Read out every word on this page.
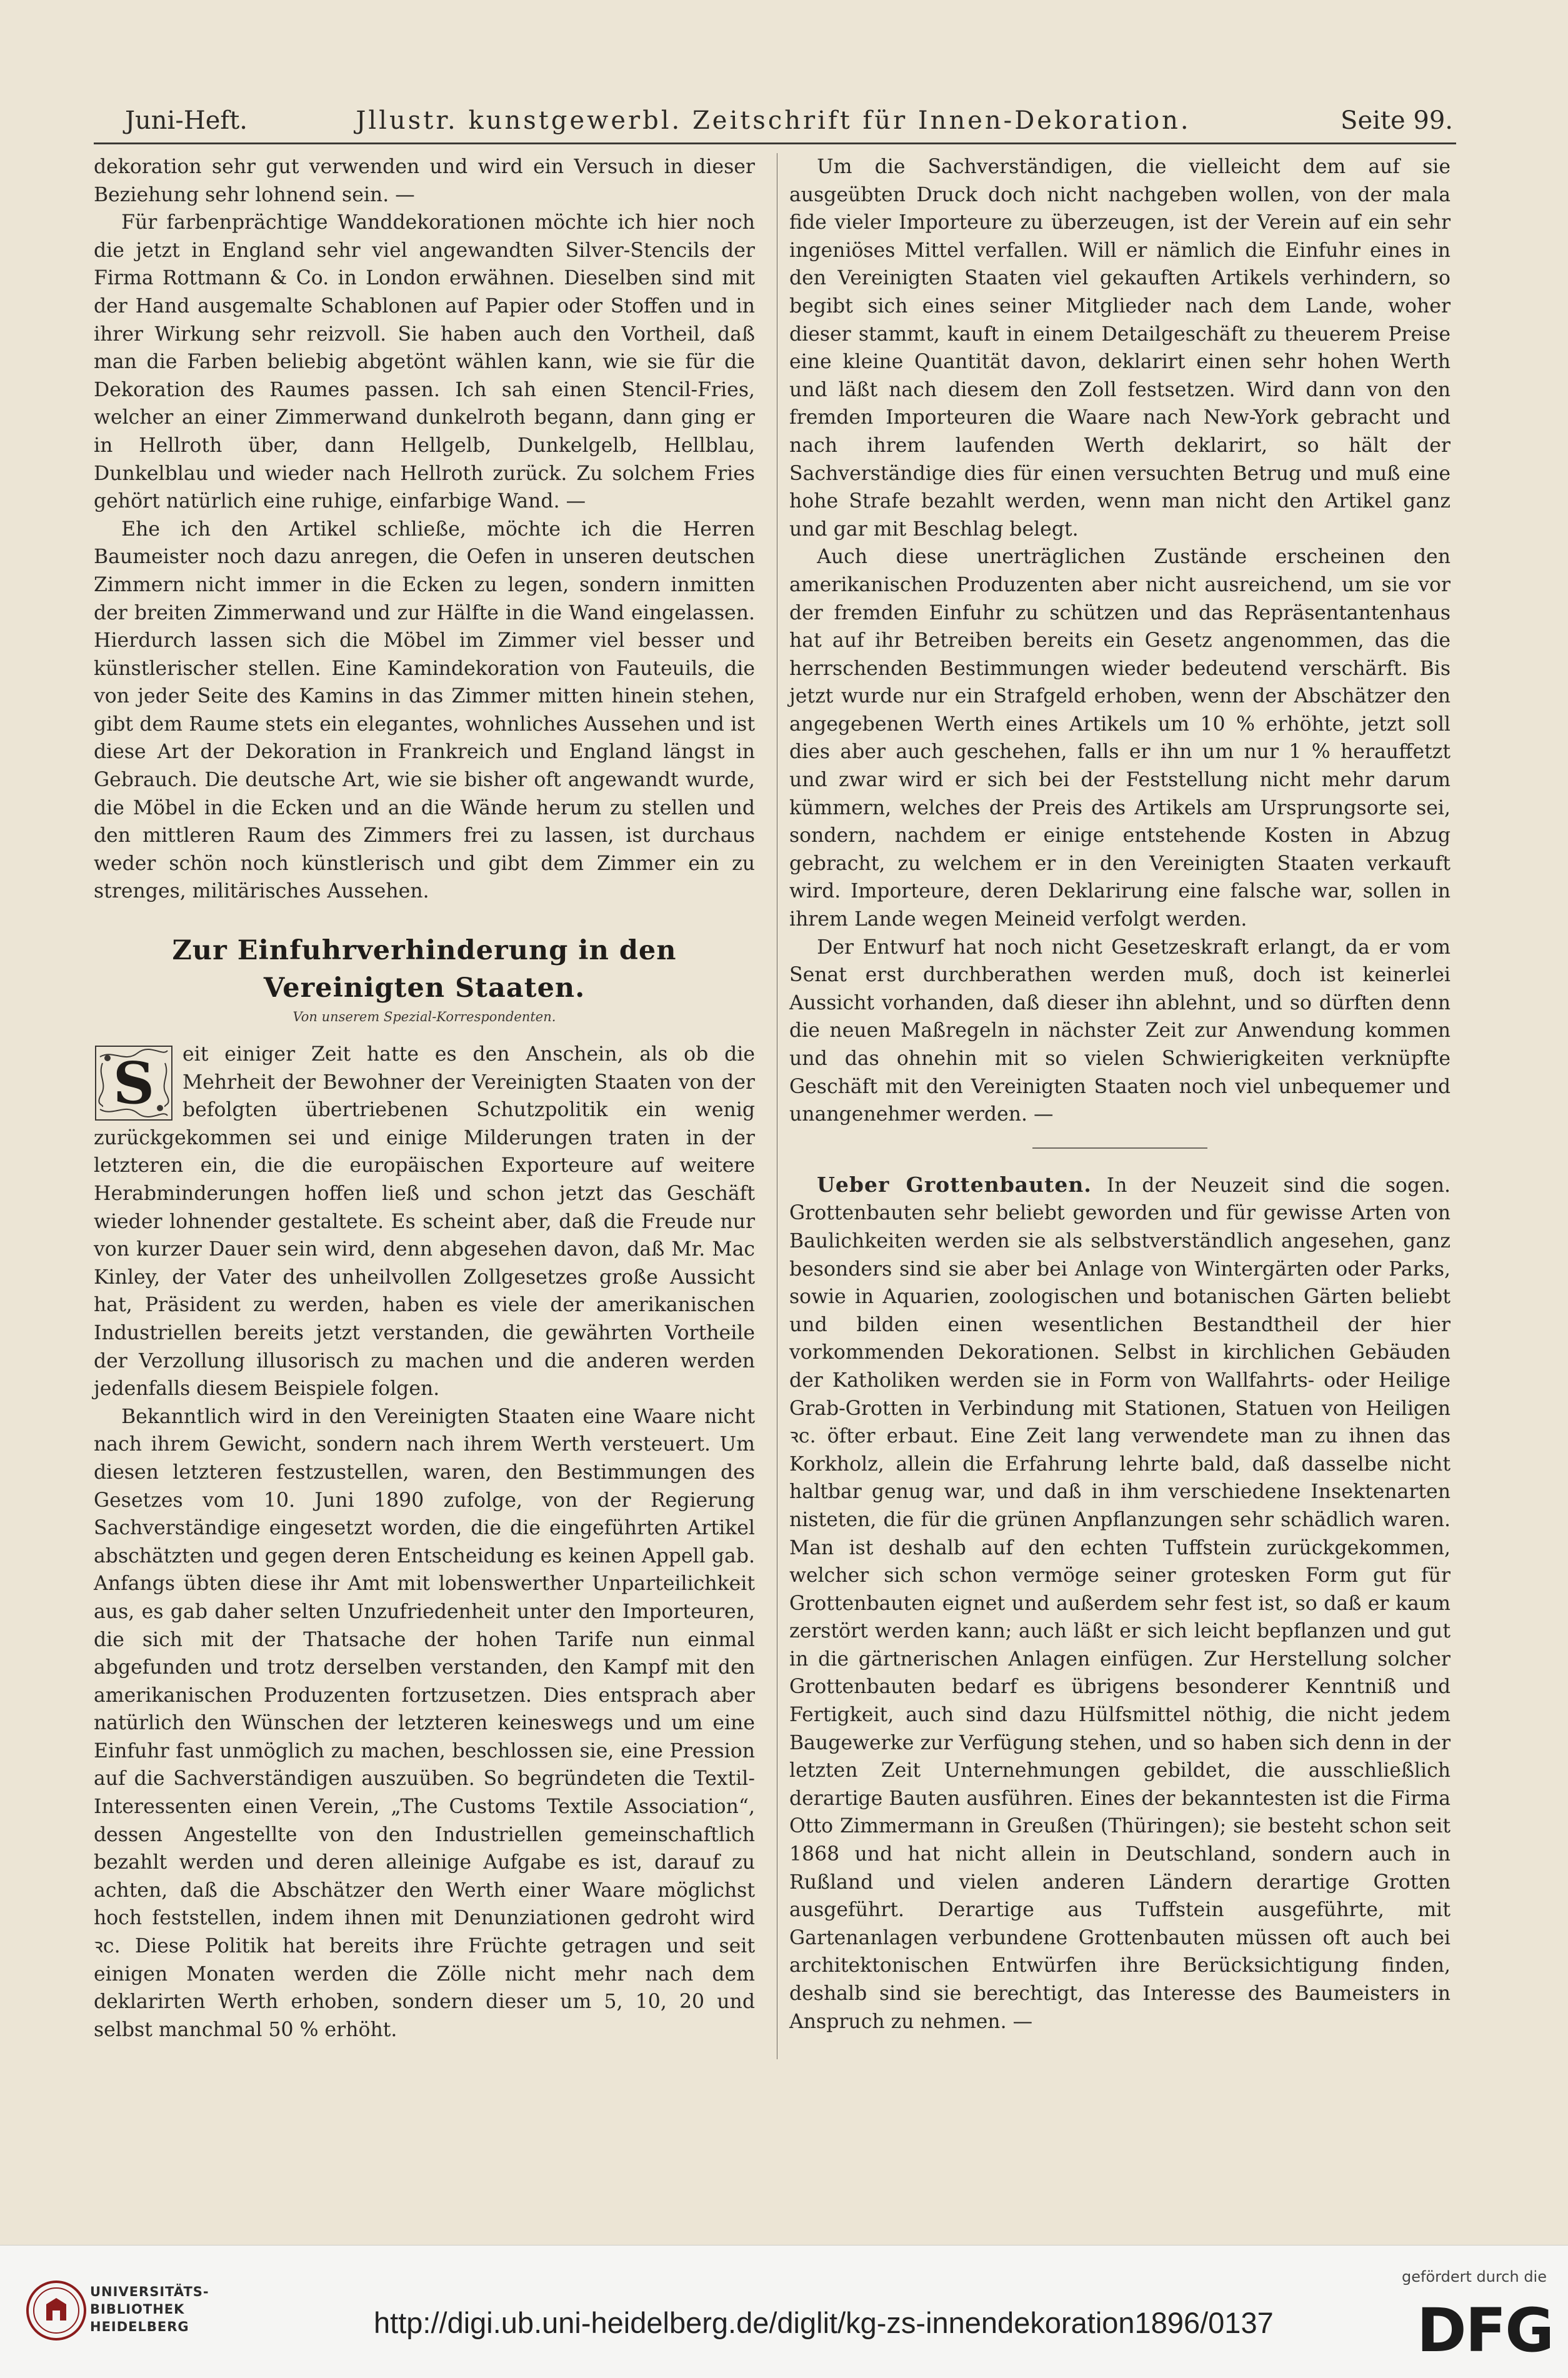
Juni-Heft.	Jllustr. kunstgewerbl. Zeitschrift für Innen-Dekoration.	Seite 99.

dekoration sehr gut verwenden und wird ein Versuch in dieser Beziehung sehr lohnend sein. —

Für farbenprächtige Wanddekorationen möchte ich hier noch die jetzt in England sehr viel angewandten Silver-Stencils der Firma Rottmann & Co. in London erwähnen. Dieselben sind mit der Hand ausgemalte Schablonen auf Papier oder Stoffen und in ihrer Wirkung sehr reizvoll. Sie haben auch den Vortheil, daß man die Farben beliebig abgetönt wählen kann, wie sie für die Dekoration des Raumes passen. Ich sah einen Stencil-Fries, welcher an einer Zimmerwand dunkelroth begann, dann ging er in Hellroth über, dann Hellgelb, Dunkelgelb, Hellblau, Dunkelblau und wieder nach Hellroth zurück. Zu solchem Fries gehört natürlich eine ruhige, einfarbige Wand. —

Ehe ich den Artikel schließe, möchte ich die Herren Baumeister noch dazu anregen, die Oefen in unseren deutschen Zimmern nicht immer in die Ecken zu legen, sondern inmitten der breiten Zimmerwand und zur Hälfte in die Wand eingelassen. Hierdurch lassen sich die Möbel im Zimmer viel besser und künstlerischer stellen. Eine Kamindekoration von Fauteuils, die von jeder Seite des Kamins in das Zimmer mitten hinein stehen, gibt dem Raume stets ein elegantes, wohnliches Aussehen und ist diese Art der Dekoration in Frankreich und England längst in Gebrauch. Die deutsche Art, wie sie bisher oft angewandt wurde, die Möbel in die Ecken und an die Wände herum zu stellen und den mittleren Raum des Zimmers frei zu lassen, ist durchaus weder schön noch künstlerisch und gibt dem Zimmer ein zu strenges, militärisches Aussehen.

Zur Einfuhrverhinderung in den Vereinigten Staaten.
Von unserem Spezial-Korrespondenten.

S eit einiger Zeit hatte es den Anschein, als ob die Mehrheit der Bewohner der Vereinigten Staaten von der befolgten übertriebenen Schutzpolitik ein wenig zurückgekommen sei und einige Milderungen traten in der letzteren ein, die die europäischen Exporteure auf weitere Herabminderungen hoffen ließ und schon jetzt das Geschäft wieder lohnender gestaltete. Es scheint aber, daß die Freude nur von kurzer Dauer sein wird, denn abgesehen davon, daß Mr. Mac Kinley, der Vater des unheilvollen Zollgesetzes große Aussicht hat, Präsident zu werden, haben es viele der amerikanischen Industriellen bereits jetzt verstanden, die gewährten Vortheile der Verzollung illusorisch zu machen und die anderen werden jedenfalls diesem Beispiele folgen.

Bekanntlich wird in den Vereinigten Staaten eine Waare nicht nach ihrem Gewicht, sondern nach ihrem Werth versteuert. Um diesen letzteren festzustellen, waren, den Bestimmungen des Gesetzes vom 10. Juni 1890 zufolge, von der Regierung Sachverständige eingesetzt worden, die die eingeführten Artikel abschätzten und gegen deren Entscheidung es keinen Appell gab. Anfangs übten diese ihr Amt mit lobenswerther Unparteilichkeit aus, es gab daher selten Unzufriedenheit unter den Importeuren, die sich mit der Thatsache der hohen Tarife nun einmal abgefunden und trotz derselben verstanden, den Kampf mit den amerikanischen Produzenten fortzusetzen. Dies entsprach aber natürlich den Wünschen der letzteren keineswegs und um eine Einfuhr fast unmöglich zu machen, beschlossen sie, eine Pression auf die Sachverständigen auszuüben. So begründeten die Textil-Interessenten einen Verein, „The Customs Textile Association“, dessen Angestellte von den Industriellen gemeinschaftlich bezahlt werden und deren alleinige Aufgabe es ist, darauf zu achten, daß die Abschätzer den Werth einer Waare möglichst hoch feststellen, indem ihnen mit Denunziationen gedroht wird ꝛc. Diese Politik hat bereits ihre Früchte getragen und seit einigen Monaten werden die Zölle nicht mehr nach dem deklarirten Werth erhoben, sondern dieser um 5, 10, 20 und selbst manchmal 50 % erhöht.

Um die Sachverständigen, die vielleicht dem auf sie ausgeübten Druck doch nicht nachgeben wollen, von der mala fide vieler Importeure zu überzeugen, ist der Verein auf ein sehr ingeniöses Mittel verfallen. Will er nämlich die Einfuhr eines in den Vereinigten Staaten viel gekauften Artikels verhindern, so begibt sich eines seiner Mitglieder nach dem Lande, woher dieser stammt, kauft in einem Detailgeschäft zu theuerem Preise eine kleine Quantität davon, deklarirt einen sehr hohen Werth und läßt nach diesem den Zoll festsetzen. Wird dann von den fremden Importeuren die Waare nach New-York gebracht und nach ihrem laufenden Werth deklarirt, so hält der Sachverständige dies für einen versuchten Betrug und muß eine hohe Strafe bezahlt werden, wenn man nicht den Artikel ganz und gar mit Beschlag belegt.

Auch diese unerträglichen Zustände erscheinen den amerikanischen Produzenten aber nicht ausreichend, um sie vor der fremden Einfuhr zu schützen und das Repräsentantenhaus hat auf ihr Betreiben bereits ein Gesetz angenommen, das die herrschenden Bestimmungen wieder bedeutend verschärft. Bis jetzt wurde nur ein Strafgeld erhoben, wenn der Abschätzer den angegebenen Werth eines Artikels um 10 % erhöhte, jetzt soll dies aber auch geschehen, falls er ihn um nur 1 % herauffetzt und zwar wird er sich bei der Feststellung nicht mehr darum kümmern, welches der Preis des Artikels am Ursprungsorte sei, sondern, nachdem er einige entstehende Kosten in Abzug gebracht, zu welchem er in den Vereinigten Staaten verkauft wird. Importeure, deren Deklarirung eine falsche war, sollen in ihrem Lande wegen Meineid verfolgt werden.

Der Entwurf hat noch nicht Gesetzeskraft erlangt, da er vom Senat erst durchberathen werden muß, doch ist keinerlei Aussicht vorhanden, daß dieser ihn ablehnt, und so dürften denn die neuen Maßregeln in nächster Zeit zur Anwendung kommen und das ohnehin mit so vielen Schwierigkeiten verknüpfte Geschäft mit den Vereinigten Staaten noch viel unbequemer und unangenehmer werden. —

Ueber Grottenbauten. In der Neuzeit sind die sogen. Grottenbauten sehr beliebt geworden und für gewisse Arten von Baulichkeiten werden sie als selbstverständlich angesehen, ganz besonders sind sie aber bei Anlage von Wintergärten oder Parks, sowie in Aquarien, zoologischen und botanischen Gärten beliebt und bilden einen wesentlichen Bestandtheil der hier vorkommenden Dekorationen. Selbst in kirchlichen Gebäuden der Katholiken werden sie in Form von Wallfahrts- oder Heilige Grab-Grotten in Verbindung mit Stationen, Statuen von Heiligen ꝛc. öfter erbaut. Eine Zeit lang verwendete man zu ihnen das Korkholz, allein die Erfahrung lehrte bald, daß dasselbe nicht haltbar genug war, und daß in ihm verschiedene Insektenarten nisteten, die für die grünen Anpflanzungen sehr schädlich waren. Man ist deshalb auf den echten Tuffstein zurückgekommen, welcher sich schon vermöge seiner grotesken Form gut für Grottenbauten eignet und außerdem sehr fest ist, so daß er kaum zerstört werden kann; auch läßt er sich leicht bepflanzen und gut in die gärtnerischen Anlagen einfügen. Zur Herstellung solcher Grottenbauten bedarf es übrigens besonderer Kenntniß und Fertigkeit, auch sind dazu Hülfsmittel nöthig, die nicht jedem Baugewerke zur Verfügung stehen, und so haben sich denn in der letzten Zeit Unternehmungen gebildet, die ausschließlich derartige Bauten ausführen. Eines der bekanntesten ist die Firma Otto Zimmermann in Greußen (Thüringen); sie besteht schon seit 1868 und hat nicht allein in Deutschland, sondern auch in Rußland und vielen anderen Ländern derartige Grotten ausgeführt. Derartige aus Tuffstein ausgeführte, mit Gartenanlagen verbundene Grottenbauten müssen oft auch bei architektonischen Entwürfen ihre Berücksichtigung finden, deshalb sind sie berechtigt, das Interesse des Baumeisters in Anspruch zu nehmen. —

UNIVERSITÄTS-
BIBLIOTHEK
HEIDELBERG	http://digi.ub.uni-heidelberg.de/diglit/kg-zs-innendekoration1896/0137
gefördert durch die
DFG
